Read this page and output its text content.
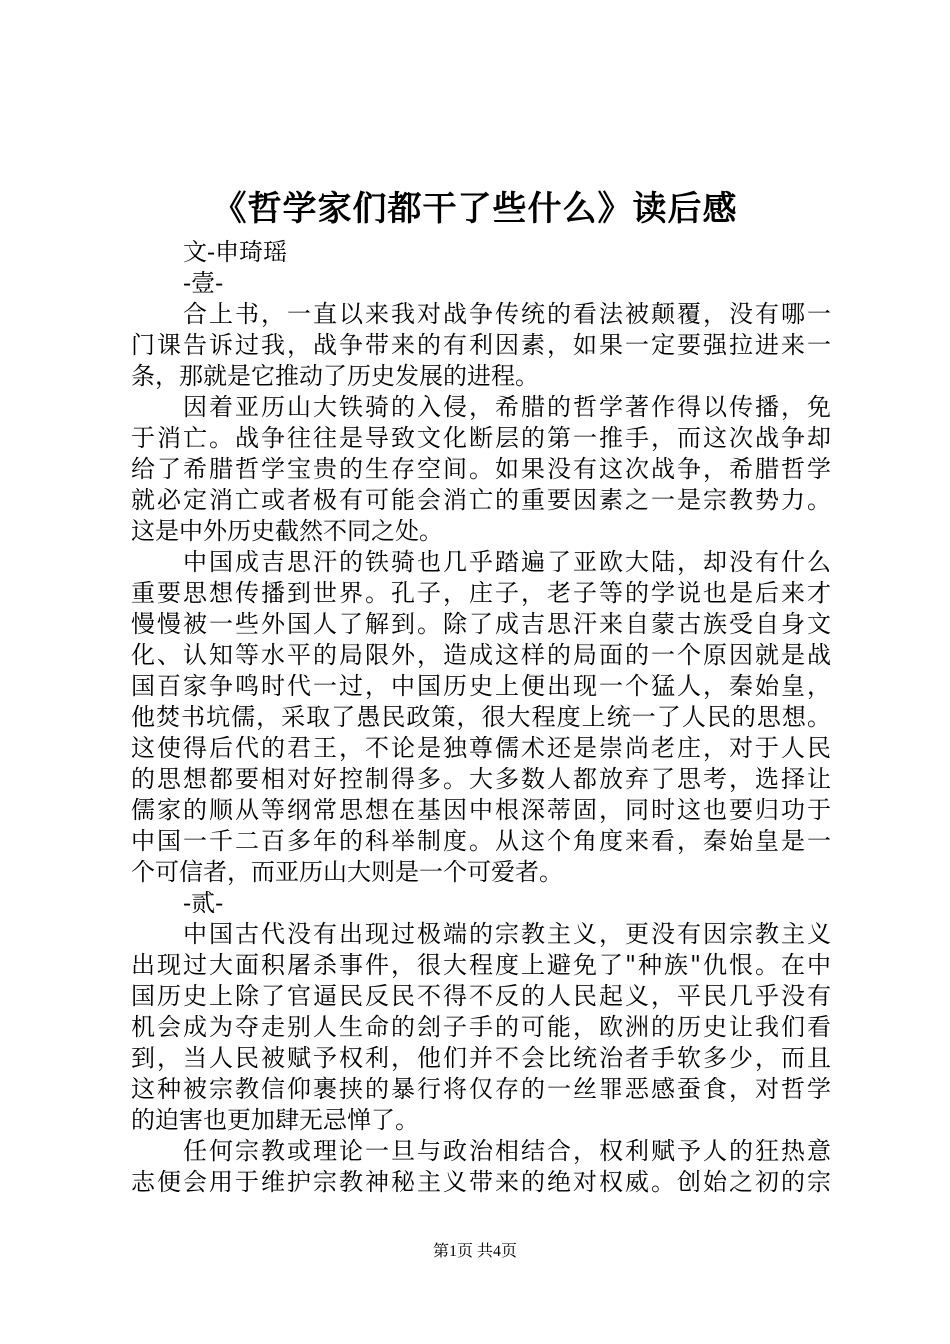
《哲学家们都干了些什么》读后感
文-申琦瑶
-壹-
合上书，一直以来我对战争传统的看法被颠覆，没有哪一
门课告诉过我，战争带来的有利因素，如果一定要强拉进来一
条，那就是它推动了历史发展的进程。
因着亚历山大铁骑的入侵，希腊的哲学著作得以传播，免
于消亡。战争往往是导致文化断层的第一推手，而这次战争却
给了希腊哲学宝贵的生存空间。如果没有这次战争，希腊哲学
就必定消亡或者极有可能会消亡的重要因素之一是宗教势力。
这是中外历史截然不同之处。
中国成吉思汗的铁骑也几乎踏遍了亚欧大陆，却没有什么
重要思想传播到世界。孔子，庄子，老子等的学说也是后来才
慢慢被一些外国人了解到。除了成吉思汗来自蒙古族受自身文
化、认知等水平的局限外，造成这样的局面的一个原因就是战
国百家争鸣时代一过，中国历史上便出现一个猛人，秦始皇，
他焚书坑儒，采取了愚民政策，很大程度上统一了人民的思想。
这使得后代的君王，不论是独尊儒术还是崇尚老庄，对于人民
的思想都要相对好控制得多。大多数人都放弃了思考，选择让
儒家的顺从等纲常思想在基因中根深蒂固，同时这也要归功于
中国一千二百多年的科举制度。从这个角度来看，秦始皇是一
个可信者，而亚历山大则是一个可爱者。
-贰-
中国古代没有出现过极端的宗教主义，更没有因宗教主义
出现过大面积屠杀事件，很大程度上避免了"种族"仇恨。在中
国历史上除了官逼民反民不得不反的人民起义，平民几乎没有
机会成为夺走别人生命的刽子手的可能，欧洲的历史让我们看
到，当人民被赋予权利，他们并不会比统治者手软多少，而且
这种被宗教信仰裹挟的暴行将仅存的一丝罪恶感蚕食，对哲学
的迫害也更加肆无忌惮了。
任何宗教或理论一旦与政治相结合，权利赋予人的狂热意
志便会用于维护宗教神秘主义带来的绝对权威。创始之初的宗
第1页 共4页
